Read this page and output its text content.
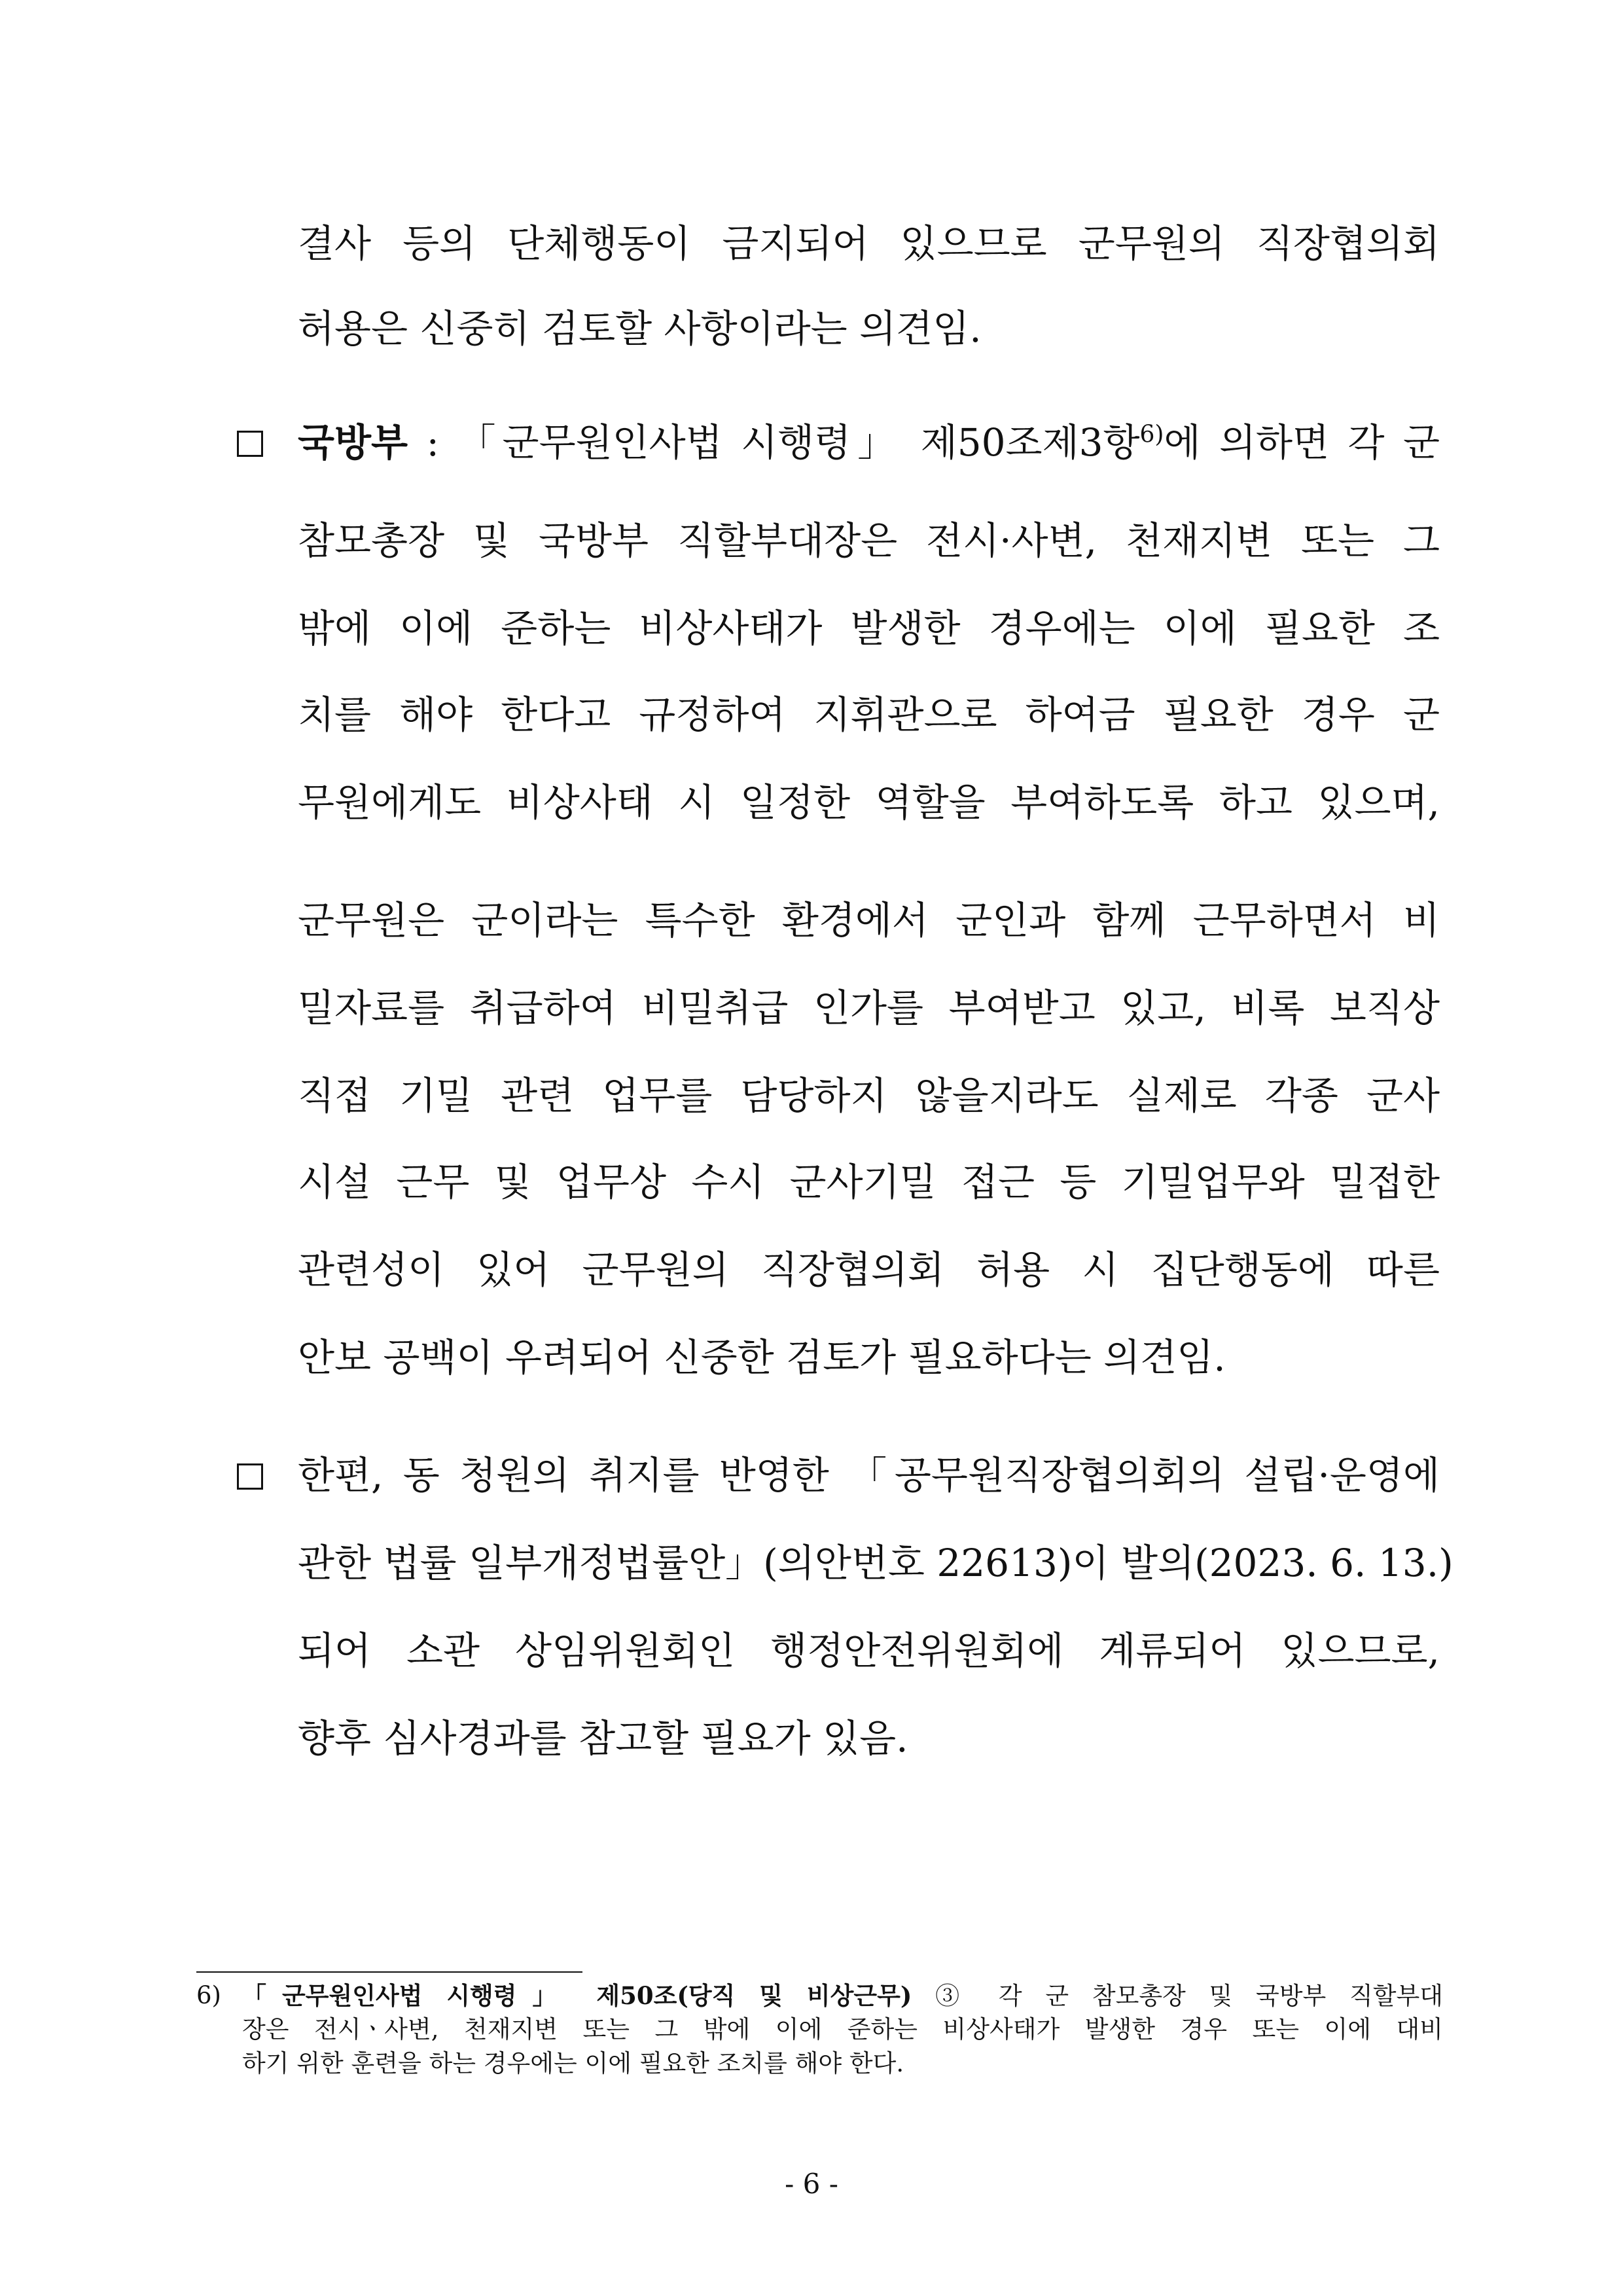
결사 등의 단체행동이 금지되어 있으므로 군무원의 직장협의회
허용은 신중히 검토할 사항이라는 의견임.
국방부 : 「군무원인사법 시행령」 제50조제3항$^{6)}$에 의하면 각 군
참모총장 및 국방부 직할부대장은 전시·사변, 천재지변 또는 그
밖에 이에 준하는 비상사태가 발생한 경우에는 이에 필요한 조
치를 해야 한다고 규정하여 지휘관으로 하여금 필요한 경우 군
무원에게도 비상사태 시 일정한 역할을 부여하도록 하고 있으며,
군무원은 군이라는 특수한 환경에서 군인과 함께 근무하면서 비
밀자료를 취급하여 비밀취급 인가를 부여받고 있고, 비록 보직상
직접 기밀 관련 업무를 담당하지 않을지라도 실제로 각종 군사
시설 근무 및 업무상 수시 군사기밀 접근 등 기밀업무와 밀접한
관련성이 있어 군무원의 직장협의회 허용 시 집단행동에 따른
안보 공백이 우려되어 신중한 검토가 필요하다는 의견임.
한편, 동 청원의 취지를 반영한 「공무원직장협의회의 설립·운영에
관한 법률 일부개정법률안」(의안번호 22613)이 발의(2023. 6. 13.)
되어 소관 상임위원회인 행정안전위원회에 계류되어 있으므로,
향후 심사경과를 참고할 필요가 있음.
6) 「군무원인사법 시행령」 제50조(당직 및 비상근무) ③ 각 군 참모총장 및 국방부 직할부대
장은 전시ㆍ사변, 천재지변 또는 그 밖에 이에 준하는 비상사태가 발생한 경우 또는 이에 대비
하기 위한 훈련을 하는 경우에는 이에 필요한 조치를 해야 한다.
- 6 -
